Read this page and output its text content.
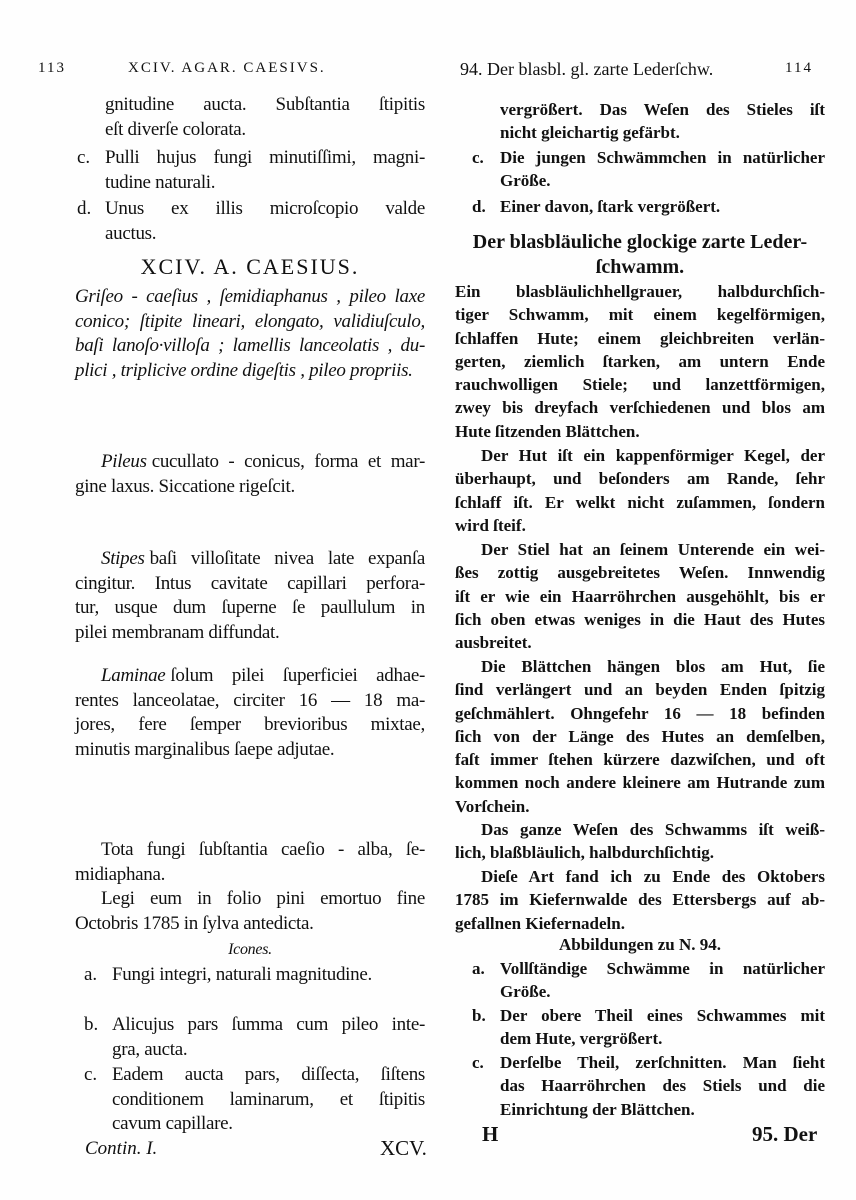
113	XCIV. AGAR. CAESIVS.	94. Der blasbl. gl. zarte Lederſchw.	114
XCIV. A. CAESIUS.
Icones.
Contin. I.	XCV.
Abbildungen zu N. 94.
H	95. Der
gnitudine aucta. Subſtantia ſtipitis
eſt diverſe colorata.
c. Pulli hujus fungi minutiſſimi, magni-
tudine naturali.
d. Unus ex illis microſcopio valde
auctus.
Griſeo - caeſius , ſemidiaphanus , pileo laxe
conico; ſtipite lineari, elongato, validiuſculo,
baſi lanoſo·villoſa ; lamellis lanceolatis , du-
plici , triplicive ordine digeſtis , pileo propriis.
Pileus cucullato - conicus, forma et mar-
gine laxus. Siccatione rigeſcit.
Stipes baſi villoſitate nivea late expanſa
cingitur. Intus cavitate capillari perfora-
tur, usque dum ſuperne ſe paullulum in
pilei membranam diffundat.
Laminae ſolum pilei ſuperficiei adhae-
rentes lanceolatae, circiter 16 — 18 ma-
jores, fere ſemper brevioribus mixtae,
minutis marginalibus ſaepe adjutae.
Tota fungi ſubſtantia caeſio - alba, ſe-
midiaphana.
Legi eum in folio pini emortuo fine
Octobris 1785 in ſylva antedicta.
a. Fungi integri, naturali magnitudine.
b. Alicujus pars ſumma cum pileo inte-
gra, aucta.
c. Eadem aucta pars, diſſecta, ſiſtens
conditionem laminarum, et ſtipitis
cavum capillare.
vergrößert. Das Weſen des Stieles iſt
nicht gleichartig gefärbt.
c. Die jungen Schwämmchen in natürlicher
Größe.
d. Einer davon, ſtark vergrößert.
Ein blasbläulichhellgrauer, halbdurchſich-
tiger Schwamm, mit einem kegelförmigen,
ſchlaffen Hute; einem gleichbreiten verlän-
gerten, ziemlich ſtarken, am untern Ende
rauchwolligen Stiele; und lanzettförmigen,
zwey bis dreyfach verſchiedenen und blos am
Hute ſitzenden Blättchen.
Der Hut iſt ein kappenförmiger Kegel, der
überhaupt, und beſonders am Rande, ſehr
ſchlaff iſt. Er welkt nicht zuſammen, ſondern
wird ſteif.
Der Stiel hat an ſeinem Unterende ein wei-
ßes zottig ausgebreitetes Weſen. Innwendig
iſt er wie ein Haarröhrchen ausgehöhlt, bis er
ſich oben etwas weniges in die Haut des Hutes
ausbreitet.
Die Blättchen hängen blos am Hut, ſie
ſind verlängert und an beyden Enden ſpitzig
geſchmählert. Ohngefehr 16 — 18 befinden
ſich von der Länge des Hutes an demſelben,
faſt immer ſtehen kürzere dazwiſchen, und oft
kommen noch andere kleinere am Hutrande zum
Vorſchein.
Das ganze Weſen des Schwamms iſt weiß-
lich, blaßbläulich, halbdurchſichtig.
Dieſe Art fand ich zu Ende des Oktobers
1785 im Kiefernwalde des Ettersbergs auf ab-
gefallnen Kiefernadeln.
a. Vollſtändige Schwämme in natürlicher
Größe.
b. Der obere Theil eines Schwammes mit
dem Hute, vergrößert.
c. Derſelbe Theil, zerſchnitten. Man ſieht
das Haarröhrchen des Stiels und die
Einrichtung der Blättchen.
Der blasbläuliche glockige zarte Leder-
ſchwamm.
